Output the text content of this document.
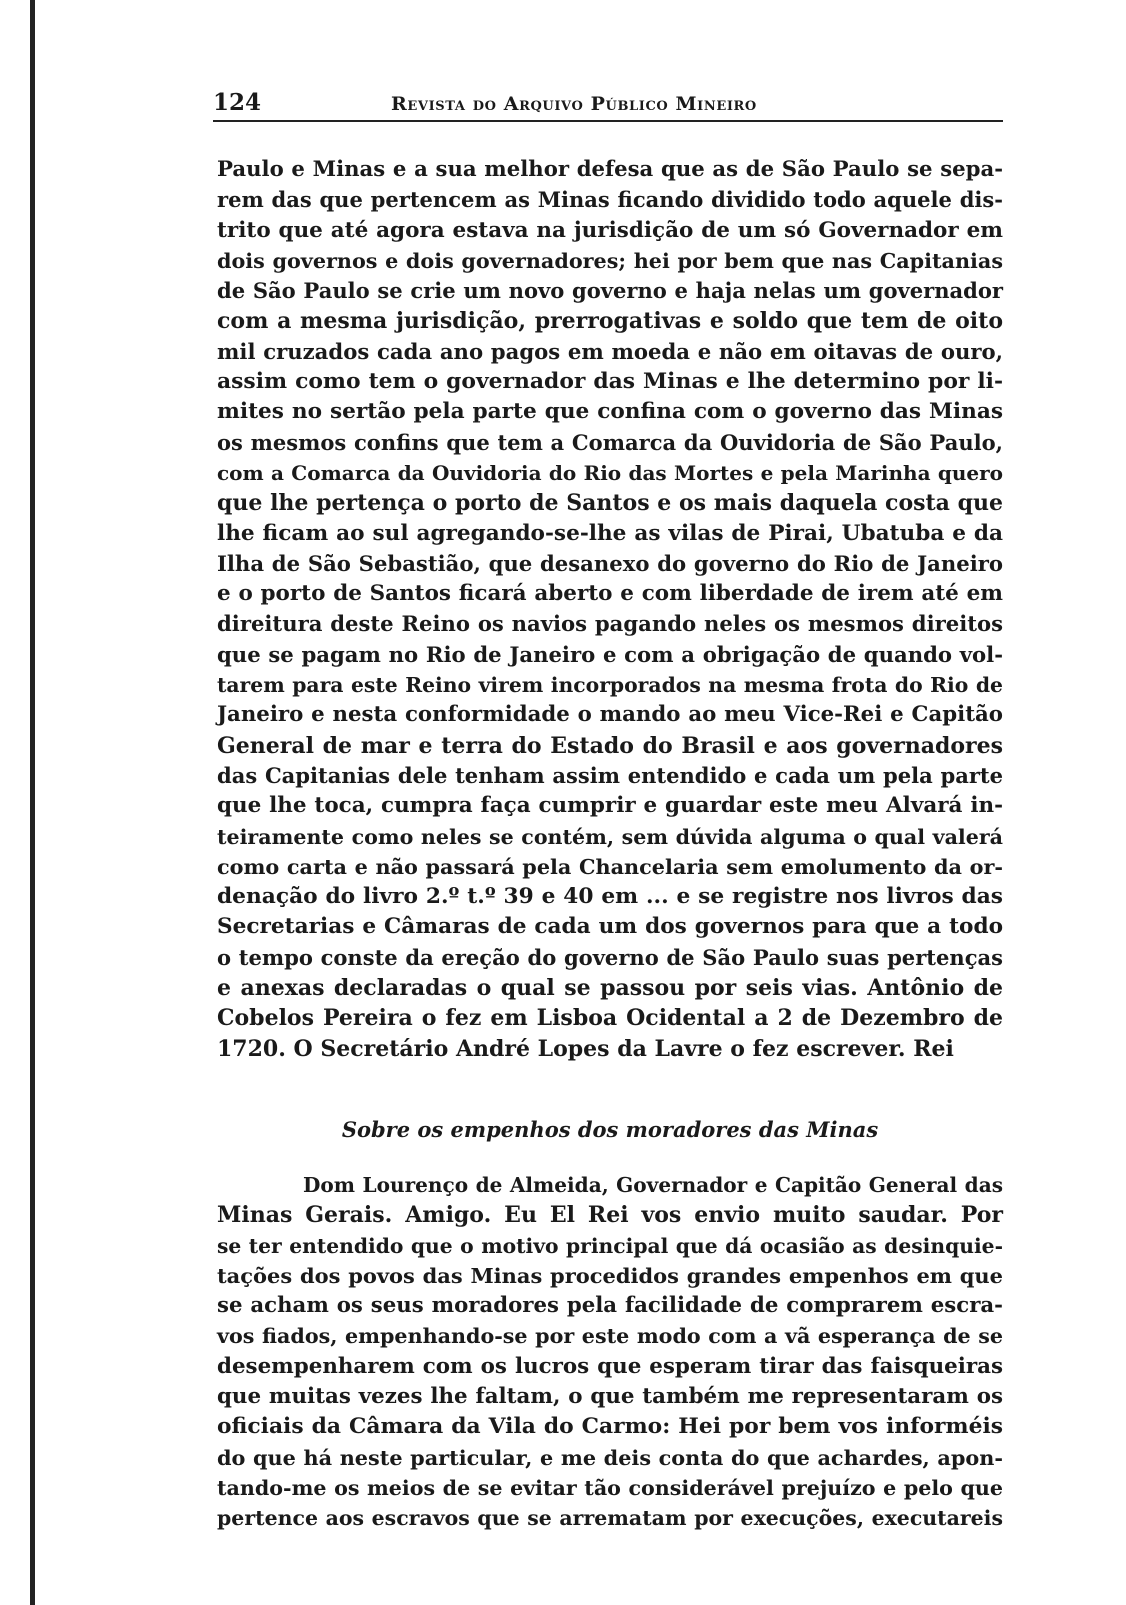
124	Revista do Arquivo Público Mineiro
Paulo e Minas e a sua melhor defesa que as de São Paulo se sepa-
rem das que pertencem as Minas ficando dividido todo aquele dis-
trito que até agora estava na jurisdição de um só Governador em
dois governos e dois governadores; hei por bem que nas Capitanias
de São Paulo se crie um novo governo e haja nelas um governador
com a mesma jurisdição, prerrogativas e soldo que tem de oito
mil cruzados cada ano pagos em moeda e não em oitavas de ouro,
assim como tem o governador das Minas e lhe determino por li-
mites no sertão pela parte que confina com o governo das Minas
os mesmos confins que tem a Comarca da Ouvidoria de São Paulo,
com a Comarca da Ouvidoria do Rio das Mortes e pela Marinha quero
que lhe pertença o porto de Santos e os mais daquela costa que
lhe ficam ao sul agregando-se-lhe as vilas de Pirai, Ubatuba e da
Ilha de São Sebastião, que desanexo do governo do Rio de Janeiro
e o porto de Santos ficará aberto e com liberdade de irem até em
direitura deste Reino os navios pagando neles os mesmos direitos
que se pagam no Rio de Janeiro e com a obrigação de quando vol-
tarem para este Reino virem incorporados na mesma frota do Rio de
Janeiro e nesta conformidade o mando ao meu Vice-Rei e Capitão
General de mar e terra do Estado do Brasil e aos governadores
das Capitanias dele tenham assim entendido e cada um pela parte
que lhe toca, cumpra faça cumprir e guardar este meu Alvará in-
teiramente como neles se contém, sem dúvida alguma o qual valerá
como carta e não passará pela Chancelaria sem emolumento da or-
denação do livro 2.º t.º 39 e 40 em ... e se registre nos livros das
Secretarias e Câmaras de cada um dos governos para que a todo
o tempo conste da ereção do governo de São Paulo suas pertenças
e anexas declaradas o qual se passou por seis vias. Antônio de
Cobelos Pereira o fez em Lisboa Ocidental a 2 de Dezembro de
1720. O Secretário André Lopes da Lavre o fez escrever. Rei
Sobre os empenhos dos moradores das Minas
Dom Lourenço de Almeida, Governador e Capitão General das
Minas Gerais. Amigo. Eu El Rei vos envio muito saudar. Por
se ter entendido que o motivo principal que dá ocasião as desinquie-
tações dos povos das Minas procedidos grandes empenhos em que
se acham os seus moradores pela facilidade de comprarem escra-
vos fiados, empenhando-se por este modo com a vã esperança de se
desempenharem com os lucros que esperam tirar das faisqueiras
que muitas vezes lhe faltam, o que também me representaram os
oficiais da Câmara da Vila do Carmo: Hei por bem vos informéis
do que há neste particular, e me deis conta do que achardes, apon-
tando-me os meios de se evitar tão considerável prejuízo e pelo que
pertence aos escravos que se arrematam por execuções, executareis
